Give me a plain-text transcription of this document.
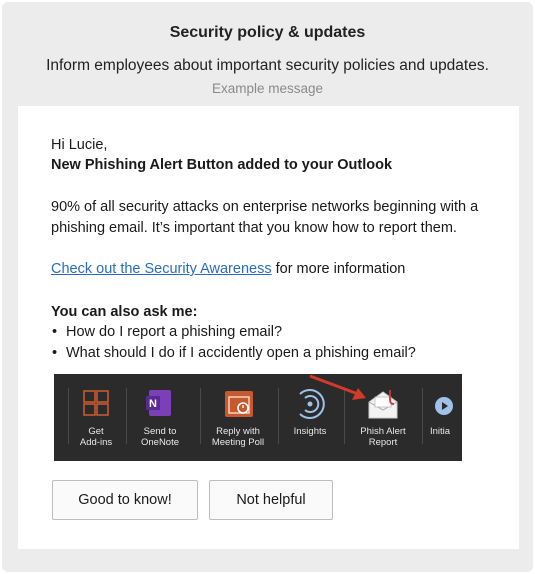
Security policy & updates
Inform employees about important security policies and updates.
Example message
Hi Lucie,
New Phishing Alert Button added to your Outlook
90% of all security attacks on enterprise networks beginning with a phishing email. It’s important that you know how to report them.
Check out the Security Awareness for more information
You can also ask me:
• How do I report a phishing email?
• What should I do if I accidently open a phishing email?
Get
Add-ins
N
Send to
OneNote
Reply with
Meeting Poll
Insights	Phish Alert
Report
Initia
Good to know!	Not helpful
